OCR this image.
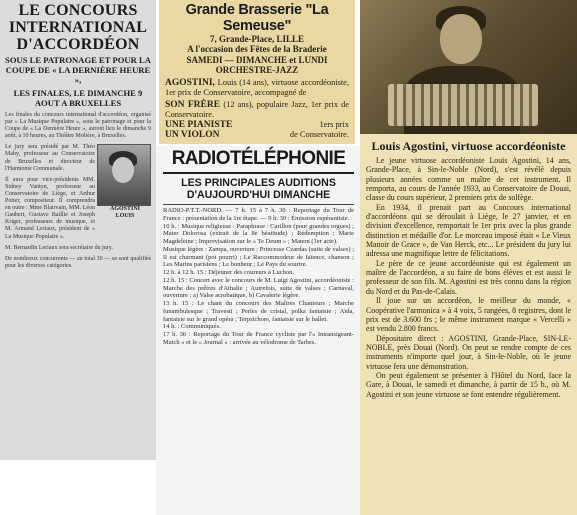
LE CONCOURS INTERNATIONAL D'ACCORDÉON

SOUS LE PATRONAGE ET POUR LA COUPE DE « LA DERNIÈRE HEURE »,

LES FINALES, LE DIMANCHE 9 AOUT A BRUXELLES

Les finales du concours international d'accordéon, organisé par « La Musique Populaire », sous le patronage et pour la Coupe de « La Dernière Heure », auront lieu le dimanche 9 août, à 10 heures, au Théâtre Molière, à Bruxelles.

AGOSTINI
LOUIS

Le jury sera présidé par M. Théo Mahy, professeur au Conservatoire de Bruxelles et directeur de l'Harmonie Communale.

Il aura pour vice-présidents MM. Sidney Vantyn, professeur au Conservatoire de Liège, et Arthur Potier, compositeur. Il comprendra en outre : Mme Blairvain, MM. Léon Gaubert, Gustave Baillie et Joseph Kriger, professeurs de musique, et M. Armand Leriaux, président de « La Musique Populaire ».

M. Bernardin Leriaux sera secrétaire du jury.

De nombreux concurrents — au total 30 — se sont qualifiés pour les diverses catégories.

Grande Brasserie "La Semeuse"

7, Grande-Place, LILLE

A l'occasion des Fêtes de la Braderie

SAMEDI — DIMANCHE et LUNDI

ORCHESTRE-JAZZ

AGOSTINI, Louis (14 ans), virtuose accordéoniste, 1er prix de Conservatoire, accompagné de

SON FRÈRE (12 ans), populaire Jazz, 1er prix de Conservatoire.

UNE PIANISTE	1ers prix
UN VIOLON	de Conservatoire.

RADIOTÉLÉPHONIE

LES PRINCIPALES AUDITIONS D'AUJOURD'HUI DIMANCHE

RADIO-P.T.T.-NORD. — 7 h. 15 à 7 h. 30 : Reportage du Tour de France : présentation de la 1re étape. — 9 h. 30 : Émission espérantiste.

10 h. : Musique religieuse : Paraphrase : Carillon (pour grandes orgues) ; Mater Dolorosa (extrait de la 8e béatitude) ; Rédemption ; Marie Magdeleine ; Improvisation sur le « Te Deum » ; Manon (1er acte).

Musique légère : Zampa, ouverture ; Princesse Czardas (suite de valses) ; Il est charmant (pot pourri) ; Le Raccommodeur de faïence, chanson ; Les Marins parisiens ; Le bonheur ; Le Pays du sourire.

12 h. à 12 h. 15 : Déjeuner des coureurs à Luchon.

12 h. 15 : Concert avec le concours de M. Luigi Agostini, accordéoniste : Marche des prêtres d'Athalie ; Autrefois, suite de valses ; Carnaval, ouverture ; a) Valse acrobatique, b) Cavalerie légère.

13 h. 15 : Le chant du concours des Maîtres Chanteurs ; Marche funambulesque ; Travesti ; Perles de cristal, polka fantaisie ; Aïda, fantaisie sur le grand opéra ; Terpsichore, fantaisie sur le ballet.

14 h. : Communiqués.

17 h. 30 : Reportage du Tour de France cycliste par l'« Intransigeant-Match » et le « Journal » : arrivée au vélodrome de Tarbes.

Louis Agostini, virtuose accordéoniste

Le jeune virtuose accordéoniste Louis Agostini, 14 ans, Grande-Place, à Sin-le-Noble (Nord), s'est révélé depuis plusieurs années comme un maître de cet instrument. Il remporta, au cours de l'année 1933, au Conservatoire de Douai, classe du cours supérieur, 2 premiers prix de solfège.

En 1934, il prenait part au Concours international d'accordéons qui se déroulait à Liège, le 27 janvier, et en division d'excellence, remportait le 1er prix avec la plus grande distinction et médaille d'or. Le morceau imposé était « Le Vieux Manoir de Grace », de Van Herck, etc... Le président du jury lui adressa une magnifique lettre de félicitations.

Le père de ce jeune accordéoniste qui est également un maître de l'accordéon, a su faire de bons élèves et est aussi le professeur de son fils. M. Agostini est très connu dans la région du Nord et du Pas-de-Calais.

Il joue sur un accordéon, le meilleur du monde, « Coopérative l'armonica » à 4 voix, 5 rangées, 8 registres, dont le prix est de 3.600 frs ; le même instrument marque « Vercelli » est vendu 2.800 francs.

Dépositaire direct : AGOSTINI, Grande-Place, SIN-LE-NOBLE, près Douai (Nord). On peut se rendre compte de ces instruments n'importe quel jour, à Sin-le-Noble, où le jeune virtuose fera une démonstration.

On peut également se présenter à l'Hôtel du Nord, face la Gare, à Douai, le samedi et dimanche, à partir de 15 h., où M. Agostini et son jeune virtuose se font entendre régulièrement.
